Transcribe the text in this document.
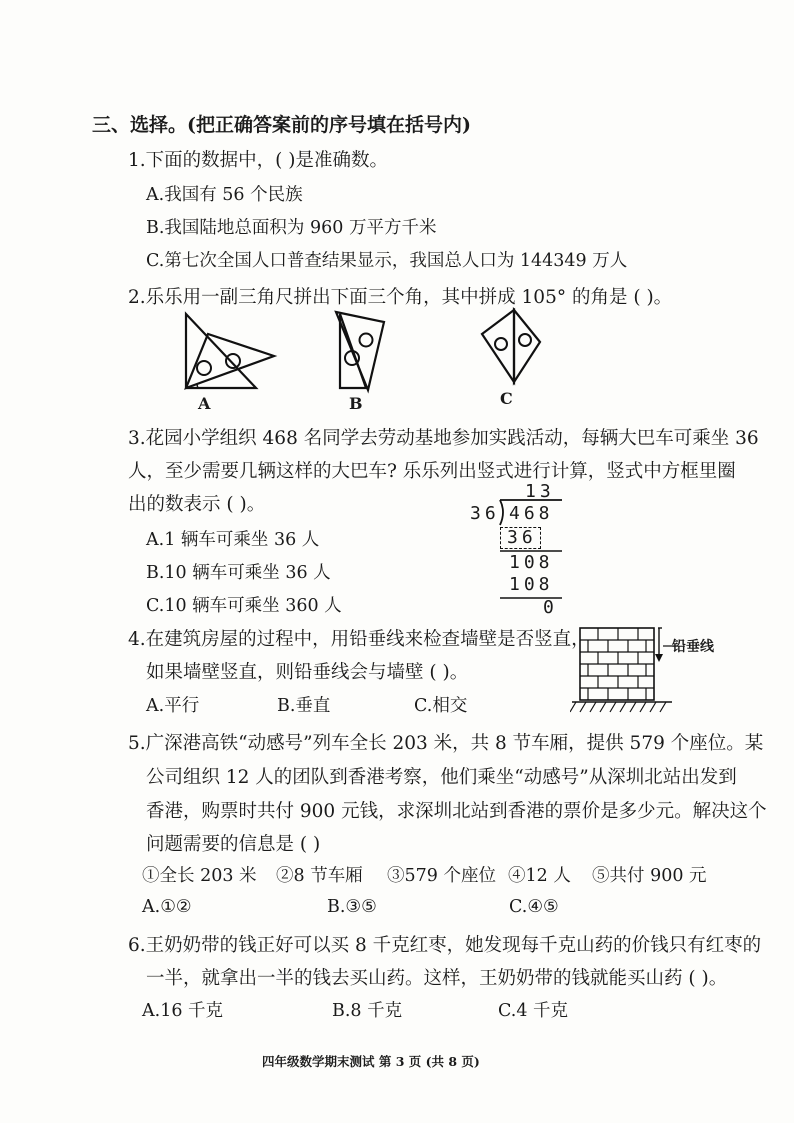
三、选择。(把正确答案前的序号填在括号内)
1.下面的数据中，( )是准确数。
A.我国有 56 个民族
B.我国陆地总面积为 960 万平方千米
C.第七次全国人口普查结果显示，我国总人口为 144349 万人
2.乐乐用一副三角尺拼出下面三个角，其中拼成 105° 的角是 ( )。
A	B	C
3.花园小学组织 468 名同学去劳动基地参加实践活动，每辆大巴车可乘坐 36
人，至少需要几辆这样的大巴车? 乐乐列出竖式进行计算，竖式中方框里圈
出的数表示 ( )。
A.1 辆车可乘坐 36 人
B.10 辆车可乘坐 36 人
C.10 辆车可乘坐 360 人
13
36 468
36
108
108
0
4.在建筑房屋的过程中，用铅垂线来检查墙壁是否竖直，
如果墙壁竖直，则铅垂线会与墙壁 ( )。
A.平行	B.垂直	C.相交
铅垂线
5.广深港高铁“动感号”列车全长 203 米，共 8 节车厢，提供 579 个座位。某
公司组织 12 人的团队到香港考察，他们乘坐“动感号”从深圳北站出发到
香港，购票时共付 900 元钱，求深圳北站到香港的票价是多少元。解决这个
问题需要的信息是 ( )
①全长 203 米 ②8 节车厢 ③579 个座位 ④12 人 ⑤共付 900 元
A.①②	B.③⑤	C.④⑤
6.王奶奶带的钱正好可以买 8 千克红枣，她发现每千克山药的价钱只有红枣的
一半，就拿出一半的钱去买山药。这样，王奶奶带的钱就能买山药 ( )。
A.16 千克	B.8 千克	C.4 千克
四年级数学期末测试 第 3 页 (共 8 页)
